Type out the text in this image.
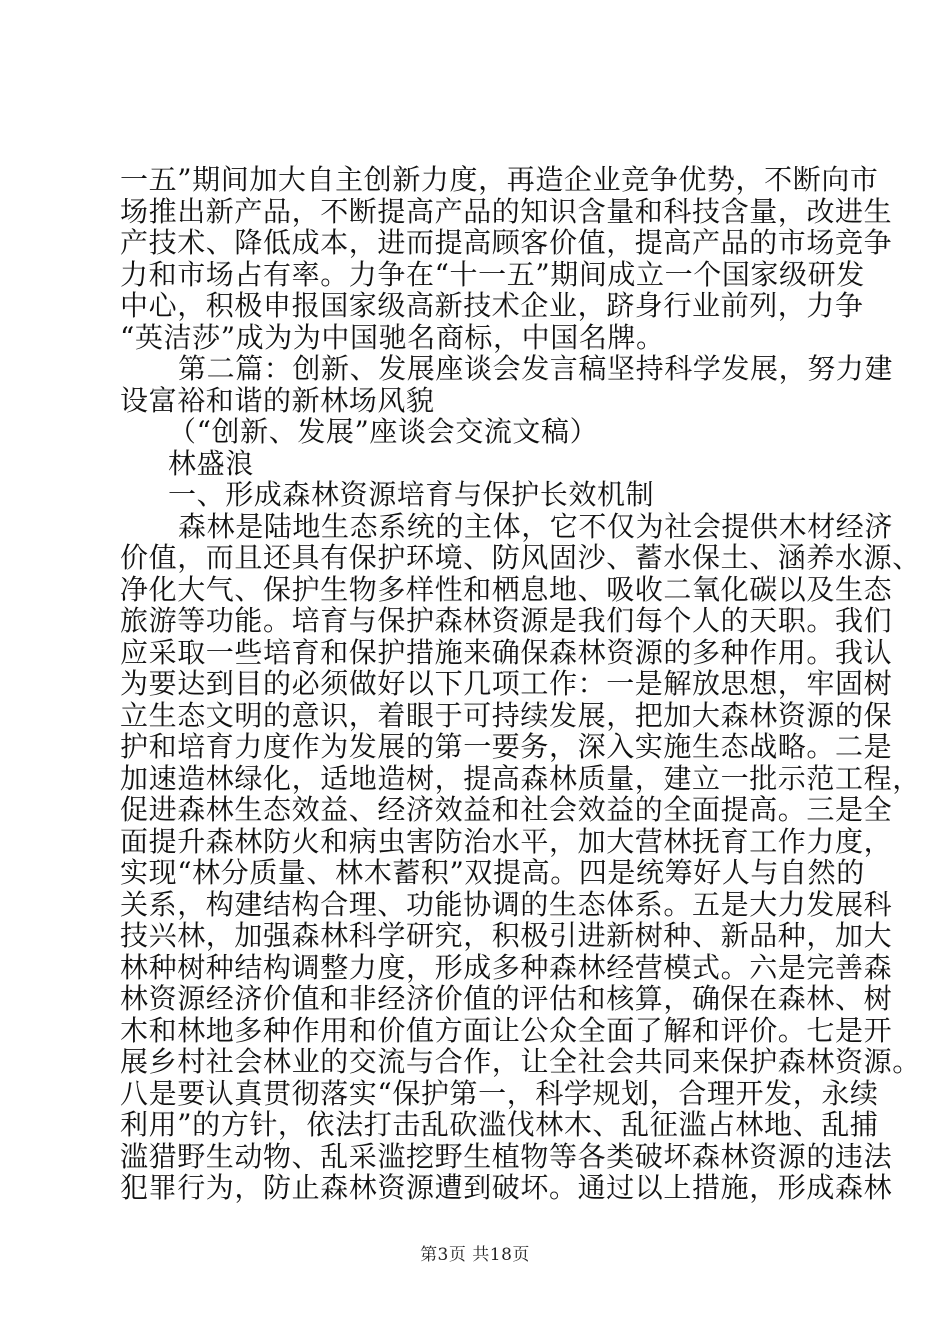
一五”期间加大自主创新力度，再造企业竞争优势，不断向市
场推出新产品，不断提高产品的知识含量和科技含量，改进生
产技术、降低成本，进而提高顾客价值，提高产品的市场竞争
力和市场占有率。力争在“十一五”期间成立一个国家级研发
中心，积极申报国家级高新技术企业，跻身行业前列，力争
“英洁莎”成为为中国驰名商标，中国名牌。
第二篇：创新、发展座谈会发言稿坚持科学发展，努力建
设富裕和谐的新林场风貌
（“创新、发展”座谈会交流文稿）
林盛浪
一、形成森林资源培育与保护长效机制
森林是陆地生态系统的主体，它不仅为社会提供木材经济
价值，而且还具有保护环境、防风固沙、蓄水保土、涵养水源、
净化大气、保护生物多样性和栖息地、吸收二氧化碳以及生态
旅游等功能。培育与保护森林资源是我们每个人的天职。我们
应采取一些培育和保护措施来确保森林资源的多种作用。我认
为要达到目的必须做好以下几项工作：一是解放思想，牢固树
立生态文明的意识，着眼于可持续发展，把加大森林资源的保
护和培育力度作为发展的第一要务，深入实施生态战略。二是
加速造林绿化，适地造树，提高森林质量，建立一批示范工程，
促进森林生态效益、经济效益和社会效益的全面提高。三是全
面提升森林防火和病虫害防治水平，加大营林抚育工作力度，
实现“林分质量、林木蓄积”双提高。四是统筹好人与自然的
关系，构建结构合理、功能协调的生态体系。五是大力发展科
技兴林，加强森林科学研究，积极引进新树种、新品种，加大
林种树种结构调整力度，形成多种森林经营模式。六是完善森
林资源经济价值和非经济价值的评估和核算，确保在森林、树
木和林地多种作用和价值方面让公众全面了解和评价。七是开
展乡村社会林业的交流与合作，让全社会共同来保护森林资源。
八是要认真贯彻落实“保护第一，科学规划，合理开发，永续
利用”的方针，依法打击乱砍滥伐林木、乱征滥占林地、乱捕
滥猎野生动物、乱采滥挖野生植物等各类破坏森林资源的违法
犯罪行为，防止森林资源遭到破坏。通过以上措施，形成森林
第3页 共18页
